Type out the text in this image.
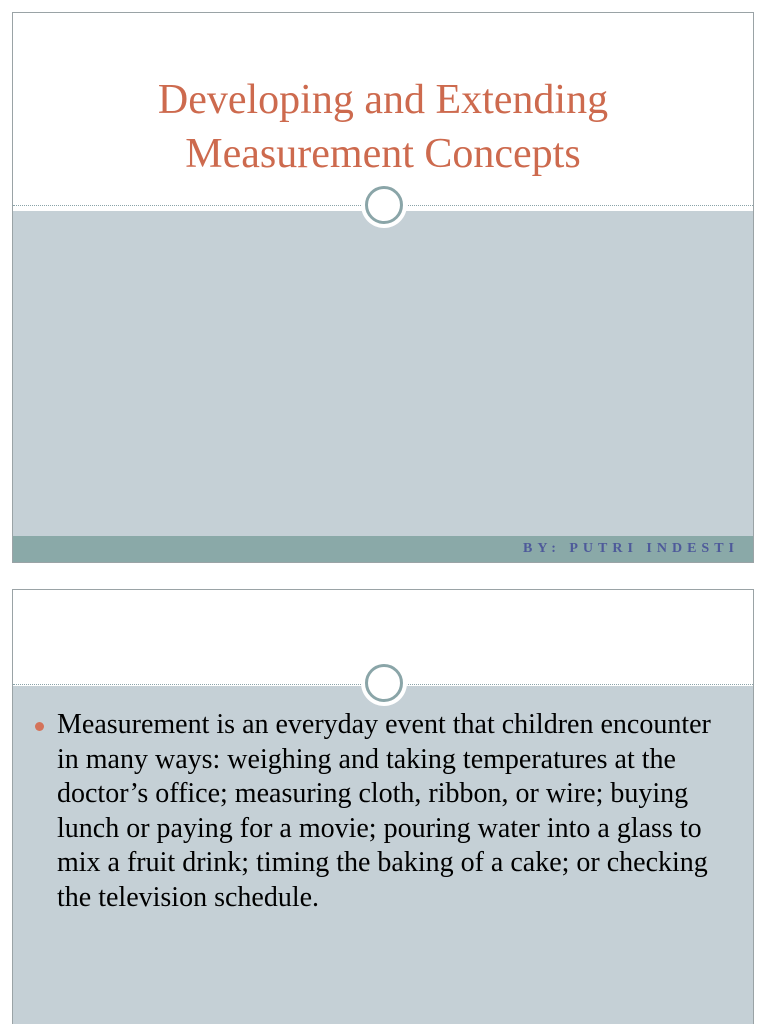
Developing and Extending
Measurement Concepts
BY: PUTRI INDESTI
Measurement is an everyday event that children encounter in many ways: weighing and taking temperatures at the doctor’s office; measuring cloth, ribbon, or wire; buying lunch or paying for a movie; pouring water into a glass to mix a fruit drink; timing the baking of a cake; or checking the television schedule.
